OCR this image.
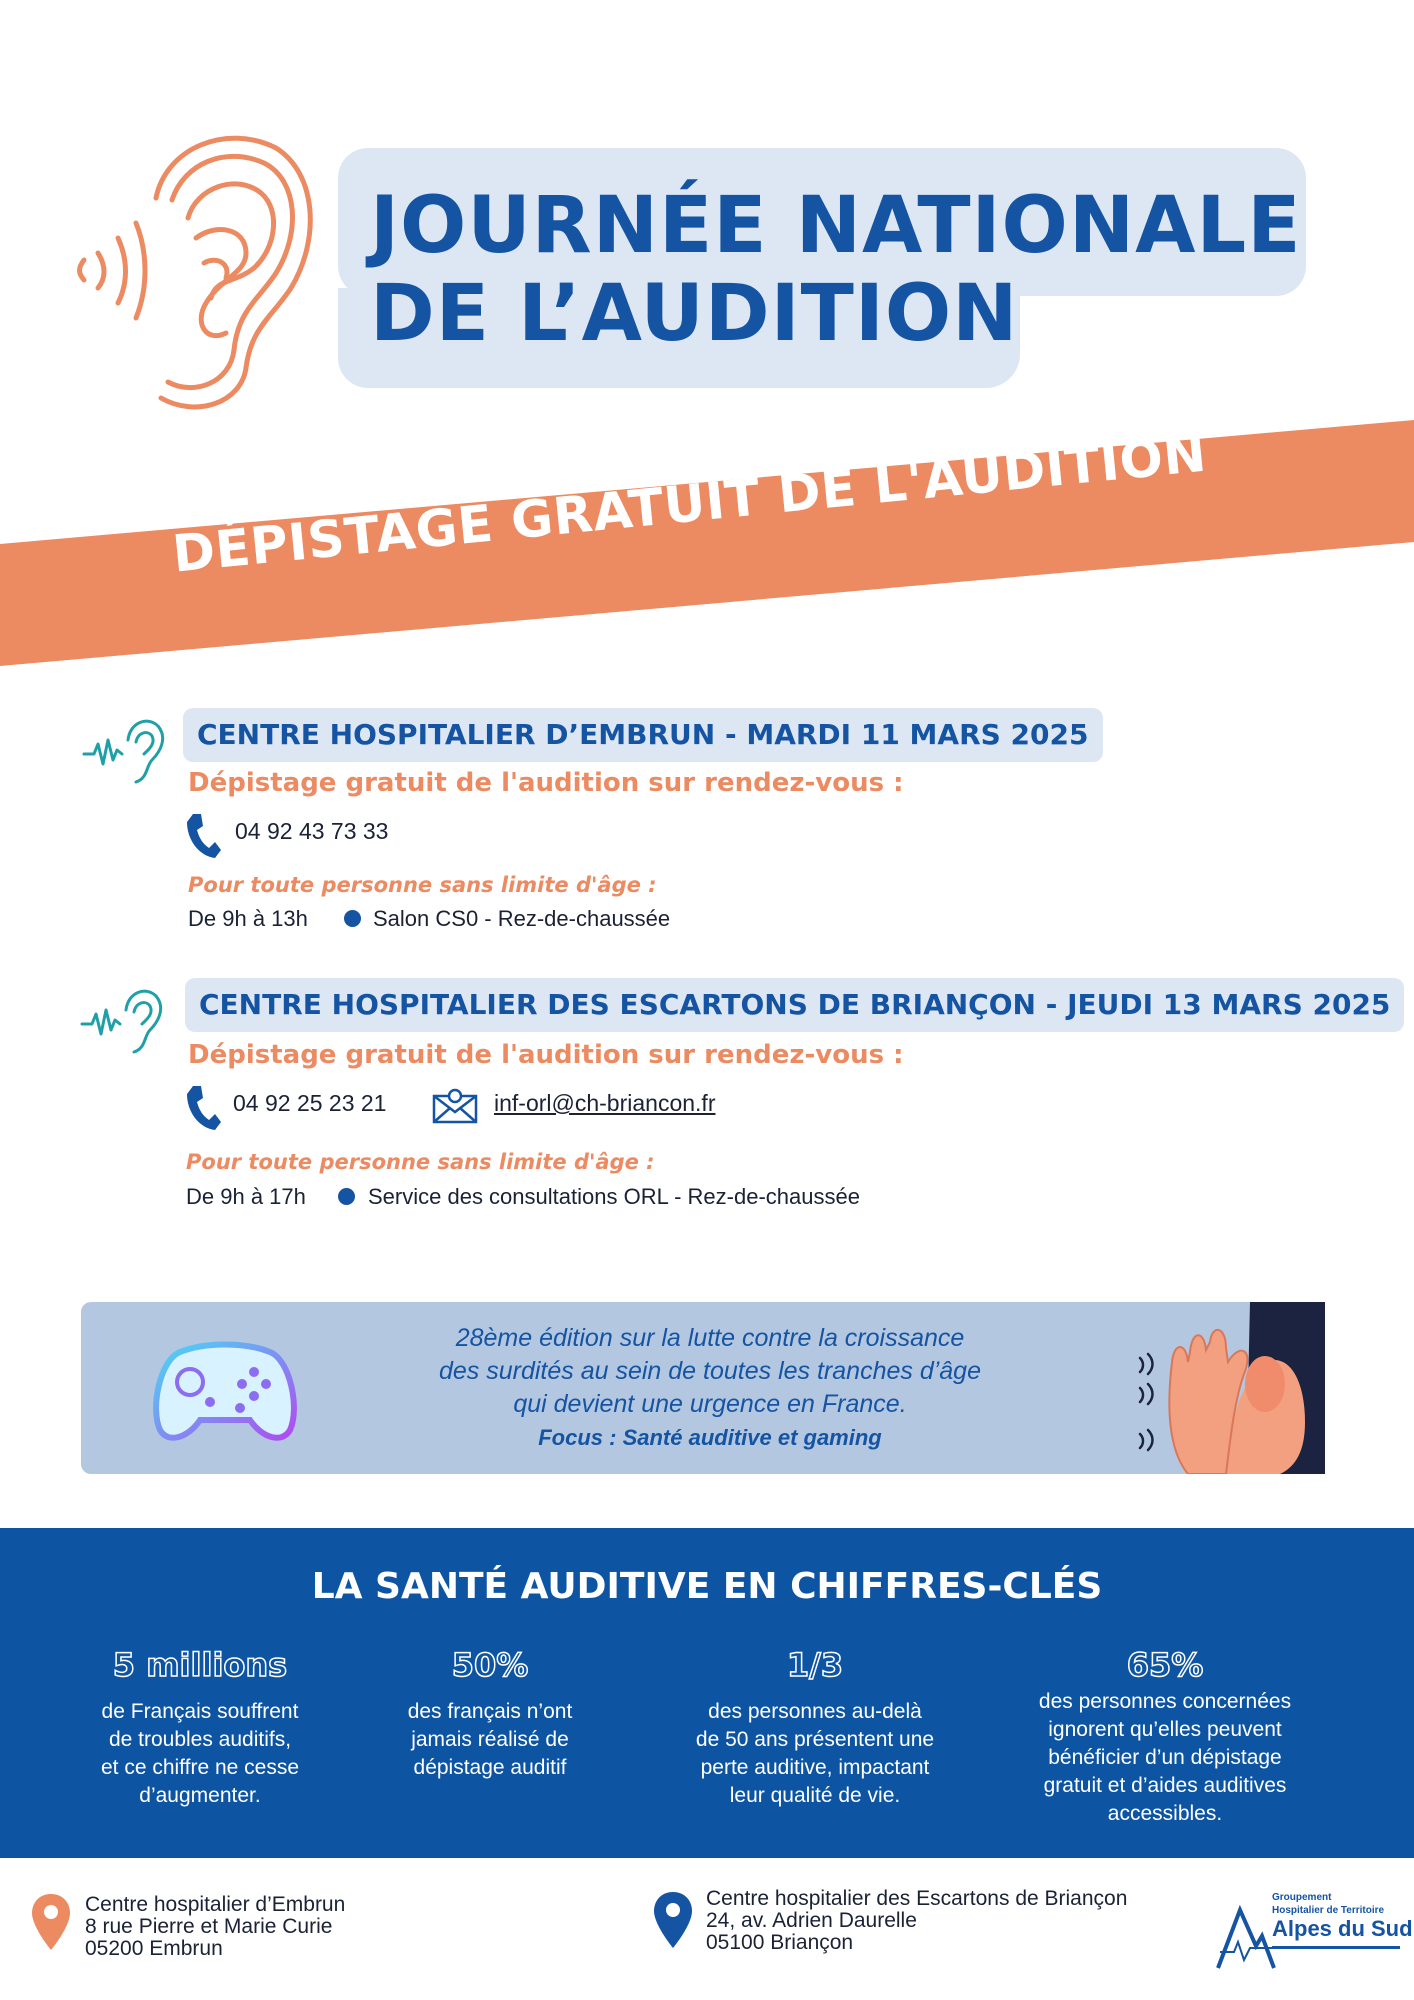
JOURNÉE NATIONALE
DE L’AUDITION
DÉPISTAGE GRATUIT DE L'AUDITION
CENTRE HOSPITALIER D’EMBRUN - MARDI 11 MARS 2025
Dépistage gratuit de l'audition sur rendez-vous :
04 92 43 73 33
Pour toute personne sans limite d'âge :
De 9h à 13h	Salon CS0 - Rez-de-chaussée
CENTRE HOSPITALIER DES ESCARTONS DE BRIANÇON - JEUDI 13 MARS 2025
Dépistage gratuit de l'audition sur rendez-vous :
04 92 25 23 21	inf-orl@ch-briancon.fr
Pour toute personne sans limite d'âge :
De 9h à 17h	Service des consultations ORL - Rez-de-chaussée
28ème édition sur la lutte contre la croissance
des surdités au sein de toutes les tranches d’âge
qui devient une urgence en France.
Focus : Santé auditive et gaming
LA SANTÉ AUDITIVE EN CHIFFRES-CLÉS
5 millions
de Français souffrent
de troubles auditifs,
et ce chiffre ne cesse
d’augmenter.
50%
des français n’ont
jamais réalisé de
dépistage auditif
1/3
des personnes au-delà
de 50 ans présentent une
perte auditive, impactant
leur qualité de vie.
65%
des personnes concernées
ignorent qu’elles peuvent
bénéficier d’un dépistage
gratuit et d’aides auditives
accessibles.
Centre hospitalier d’Embrun
8 rue Pierre et Marie Curie
05200 Embrun
Centre hospitalier des Escartons de Briançon
24, av. Adrien Daurelle
05100 Briançon
Groupement
Hospitalier de Territoire
Alpes du Sud
